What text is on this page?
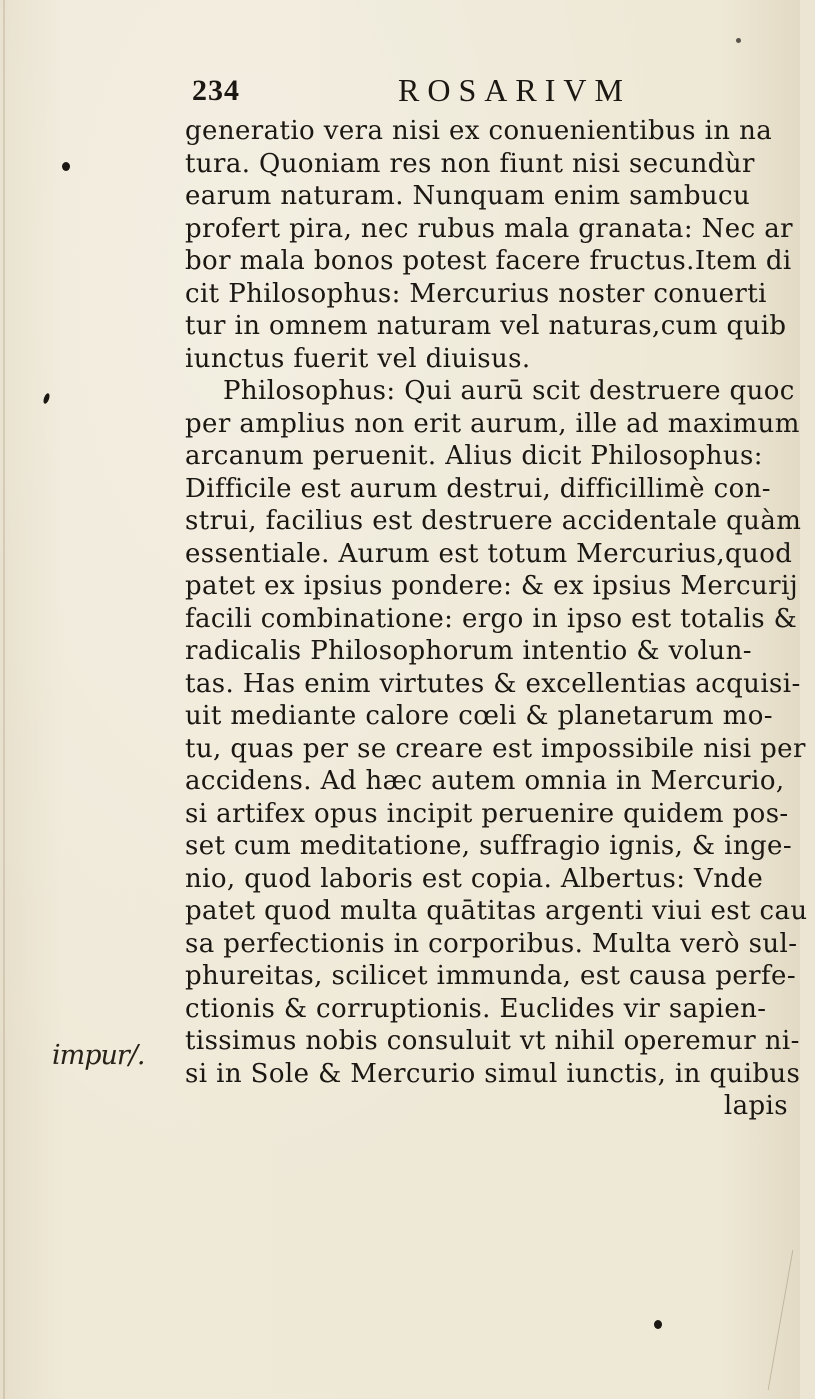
234	ROSARIVM
impur/.
generatio vera nisi ex conuenientibus in na
tura. Quoniam res non fiunt nisi secundùr
earum naturam. Nunquam enim sambucu
profert pira, nec rubus mala granata: Nec ar
bor mala bonos potest facere fructus.Item di
cit Philosophus: Mercurius noster conuerti
tur in omnem naturam vel naturas,cum quib
iunctus fuerit vel diuisus.
Philosophus: Qui aurū scit destruere quoc
per amplius non erit aurum, ille ad maximum
arcanum peruenit. Alius dicit Philosophus:
Difficile est aurum destrui, difficillimè con-
strui, facilius est destruere accidentale quàm
essentiale. Aurum est totum Mercurius,quod
patet ex ipsius pondere: & ex ipsius Mercurij
facili combinatione: ergo in ipso est totalis &
radicalis Philosophorum intentio & volun-
tas. Has enim virtutes & excellentias acquisi-
uit mediante calore cœli & planetarum mo-
tu, quas per se creare est impossibile nisi per
accidens. Ad hæc autem omnia in Mercurio,
si artifex opus incipit peruenire quidem pos-
set cum meditatione, suffragio ignis, & inge-
nio, quod laboris est copia. Albertus: Vnde
patet quod multa quātitas argenti viui est cau
sa perfectionis in corporibus. Multa verò sul-
phureitas, scilicet immunda, est causa perfe-
ctionis & corruptionis. Euclides vir sapien-
tissimus nobis consuluit vt nihil operemur ni-
si in Sole & Mercurio simul iunctis, in quibus
lapis
